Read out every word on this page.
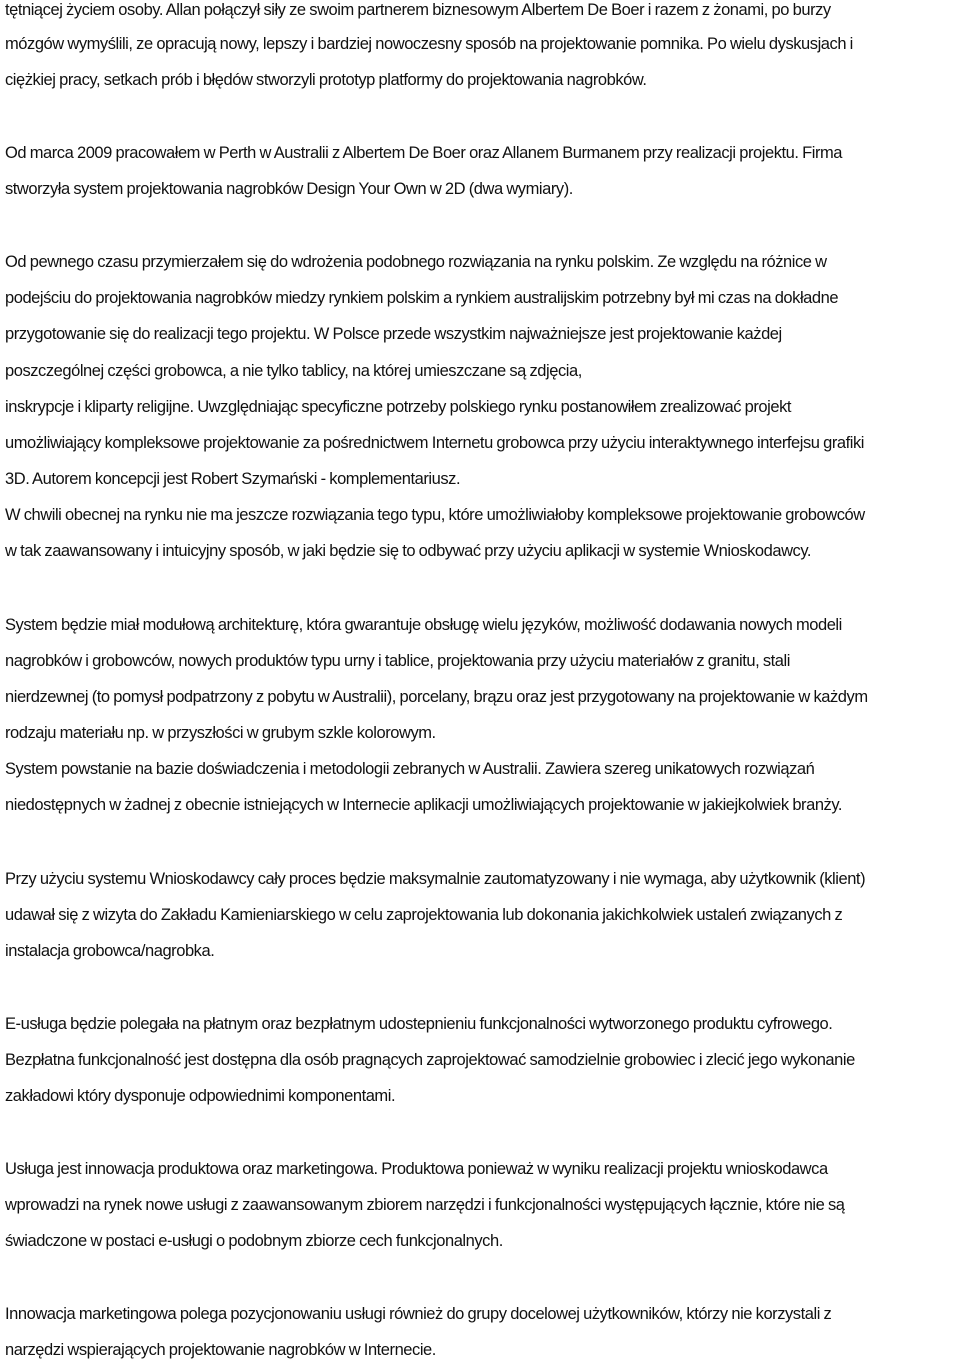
tętniącej życiem osoby. Allan połączył siły ze swoim partnerem biznesowym Albertem De Boer i razem z żonami, po burzy
mózgów wymyślili, ze opracują nowy, lepszy i bardziej nowoczesny sposób na projektowanie pomnika. Po wielu dyskusjach i
ciężkiej pracy, setkach prób i błędów stworzyli prototyp platformy do projektowania nagrobków.
Od marca 2009 pracowałem w Perth w Australii z Albertem De Boer oraz Allanem Burmanem przy realizacji projektu. Firma
stworzyła system projektowania nagrobków Design Your Own w 2D (dwa wymiary).
Od pewnego czasu przymierzałem się do wdrożenia podobnego rozwiązania na rynku polskim. Ze względu na różnice w
podejściu do projektowania nagrobków miedzy rynkiem polskim a rynkiem australijskim potrzebny był mi czas na dokładne
przygotowanie się do realizacji tego projektu. W Polsce przede wszystkim najważniejsze jest projektowanie każdej
poszczególnej części grobowca, a nie tylko tablicy, na której umieszczane są zdjęcia,
inskrypcje i kliparty religijne. Uwzględniając specyficzne potrzeby polskiego rynku postanowiłem zrealizować projekt
umożliwiający kompleksowe projektowanie za pośrednictwem Internetu grobowca przy użyciu interaktywnego interfejsu grafiki
3D. Autorem koncepcji jest Robert Szymański - komplementariusz.
W chwili obecnej na rynku nie ma jeszcze rozwiązania tego typu, które umożliwiałoby kompleksowe projektowanie grobowców
w tak zaawansowany i intuicyjny sposób, w jaki będzie się to odbywać przy użyciu aplikacji w systemie Wnioskodawcy.
System będzie miał modułową architekturę, która gwarantuje obsługę wielu języków, możliwość dodawania nowych modeli
nagrobków i grobowców, nowych produktów typu urny i tablice, projektowania przy użyciu materiałów z granitu, stali
nierdzewnej (to pomysł podpatrzony z pobytu w Australii), porcelany, brązu oraz jest przygotowany na projektowanie w każdym
rodzaju materiału np. w przyszłości w grubym szkle kolorowym.
System powstanie na bazie doświadczenia i metodologii zebranych w Australii. Zawiera szereg unikatowych rozwiązań
niedostępnych w żadnej z obecnie istniejących w Internecie aplikacji umożliwiających projektowanie w jakiejkolwiek branży.
Przy użyciu systemu Wnioskodawcy cały proces będzie maksymalnie zautomatyzowany i nie wymaga, aby użytkownik (klient)
udawał się z wizyta do Zakładu Kamieniarskiego w celu zaprojektowania lub dokonania jakichkolwiek ustaleń związanych z
instalacja grobowca/nagrobka.
E-usługa będzie polegała na płatnym oraz bezpłatnym udostepnieniu funkcjonalności wytworzonego produktu cyfrowego.
Bezpłatna funkcjonalność jest dostępna dla osób pragnących zaprojektować samodzielnie grobowiec i zlecić jego wykonanie
zakładowi który dysponuje odpowiednimi komponentami.
Usługa jest innowacja produktowa oraz marketingowa. Produktowa ponieważ w wyniku realizacji projektu wnioskodawca
wprowadzi na rynek nowe usługi z zaawansowanym zbiorem narzędzi i funkcjonalności występujących łącznie, które nie są
świadczone w postaci e-usługi o podobnym zbiorze cech funkcjonalnych.
Innowacja marketingowa polega pozycjonowaniu usługi również do grupy docelowej użytkowników, którzy nie korzystali z
narzędzi wspierających projektowanie nagrobków w Internecie.
